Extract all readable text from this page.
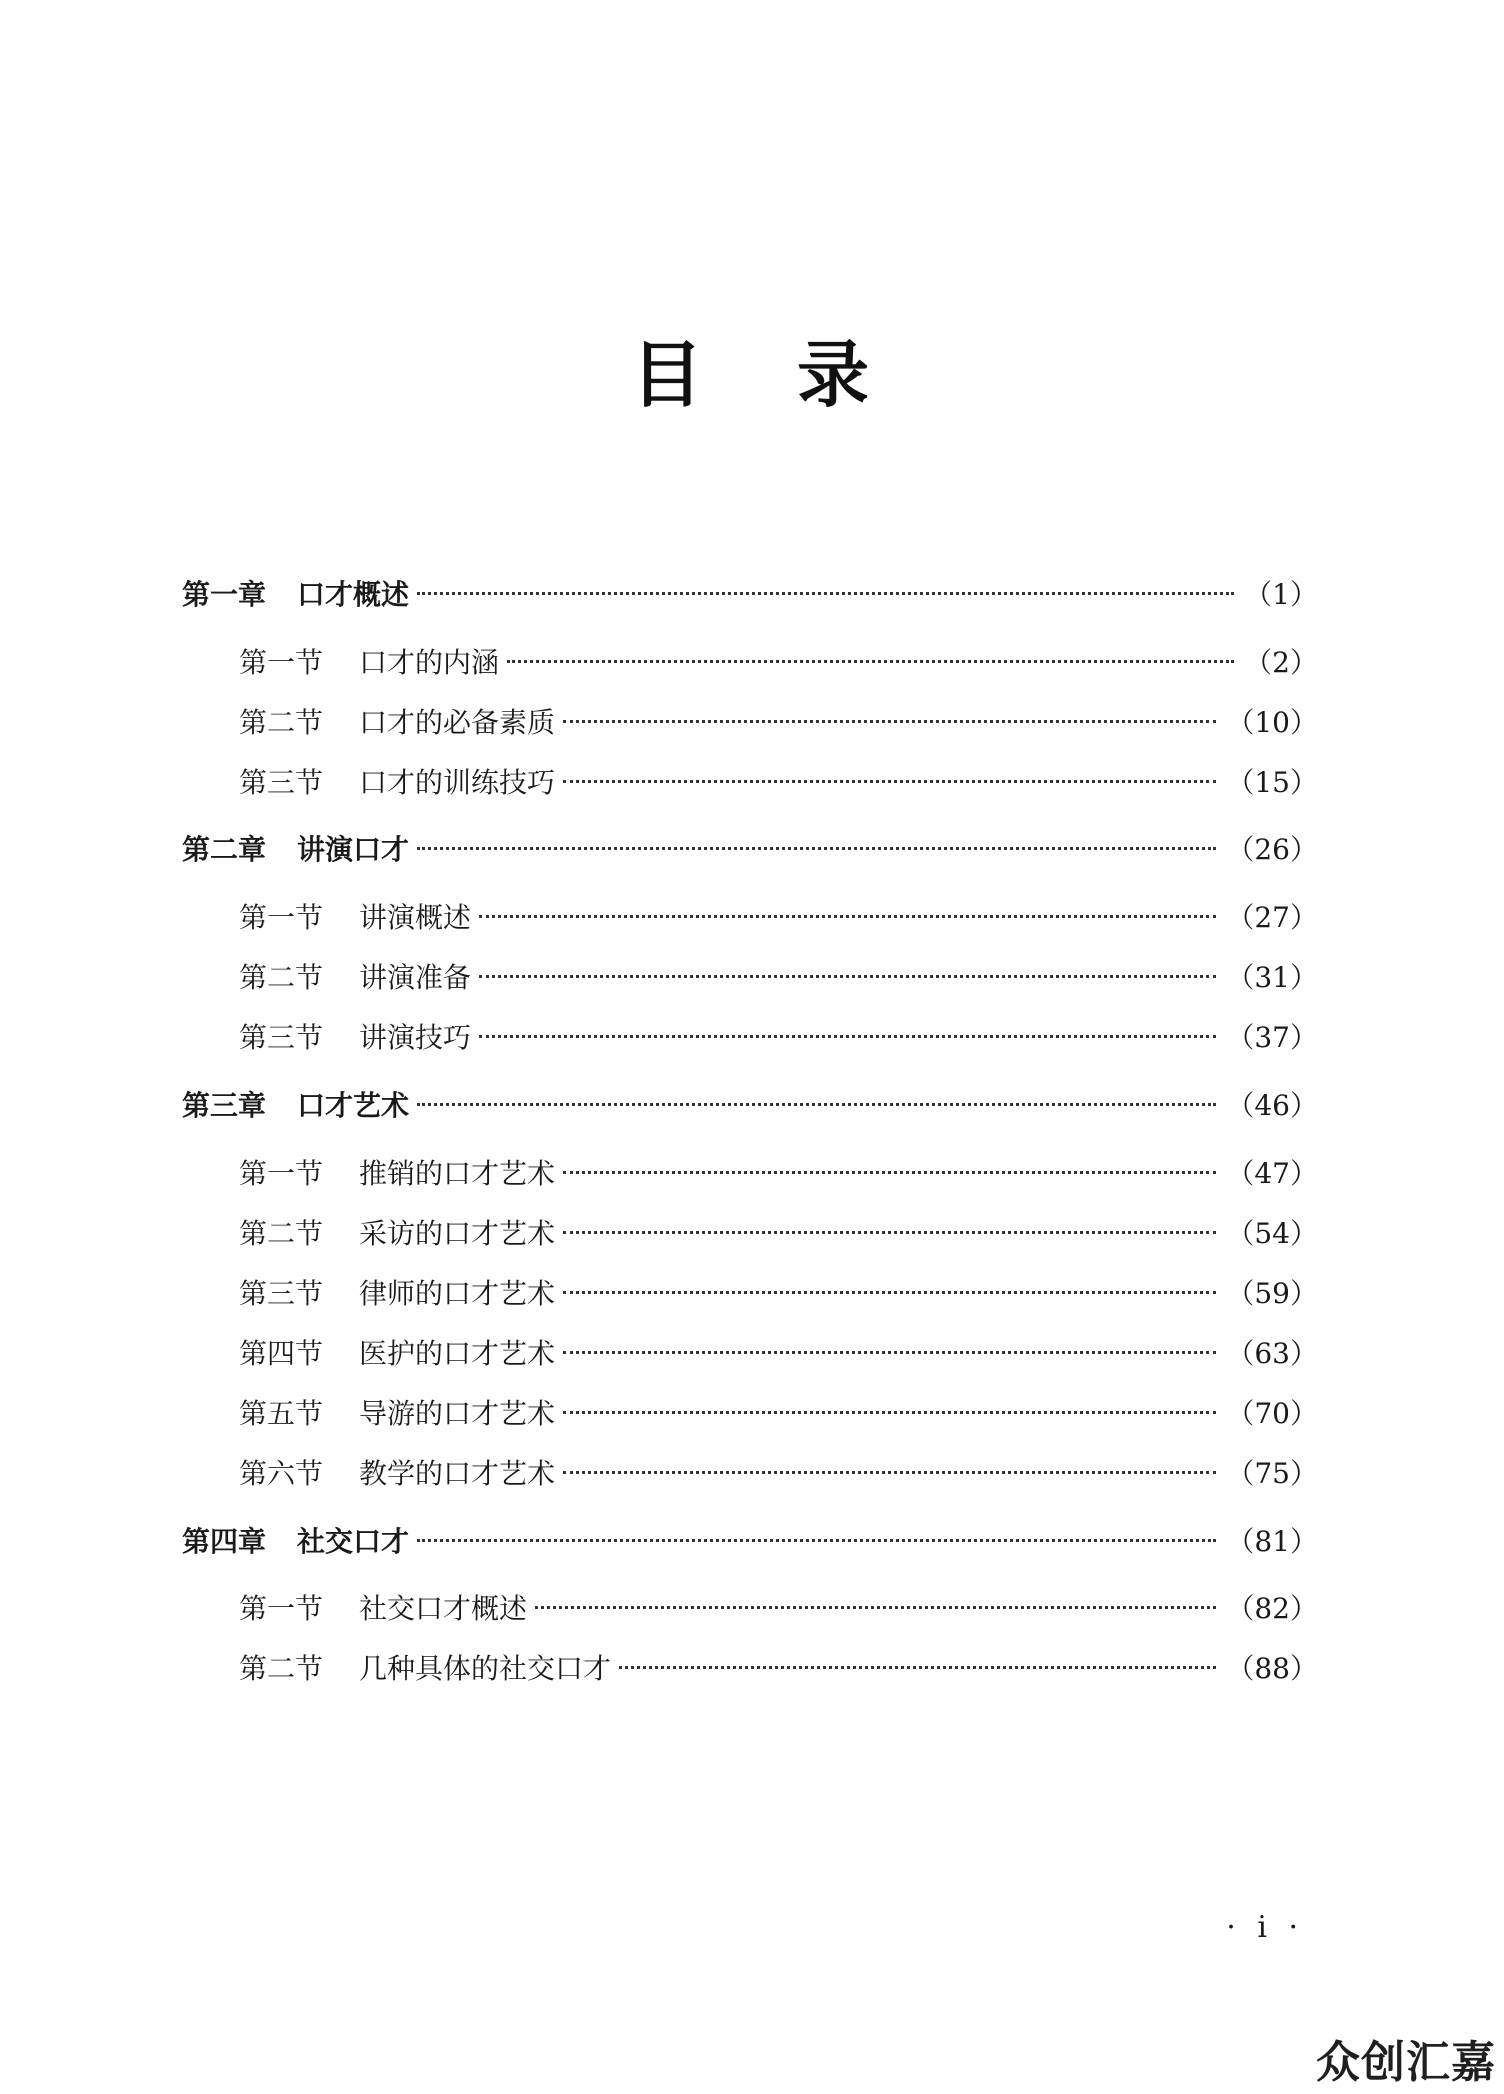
目 录
第一章	口才概述	（1）
第一节	口才的内涵	（2）
第二节	口才的必备素质	（10）
第三节	口才的训练技巧	（15）
第二章	讲演口才	（26）
第一节	讲演概述	（27）
第二节	讲演准备	（31）
第三节	讲演技巧	（37）
第三章	口才艺术	（46）
第一节	推销的口才艺术	（47）
第二节	采访的口才艺术	（54）
第三节	律师的口才艺术	（59）
第四节	医护的口才艺术	（63）
第五节	导游的口才艺术	（70）
第六节	教学的口才艺术	（75）
第四章	社交口才	（81）
第一节	社交口才概述	（82）
第二节	几种具体的社交口才	（88）
· i ·
众创汇嘉
